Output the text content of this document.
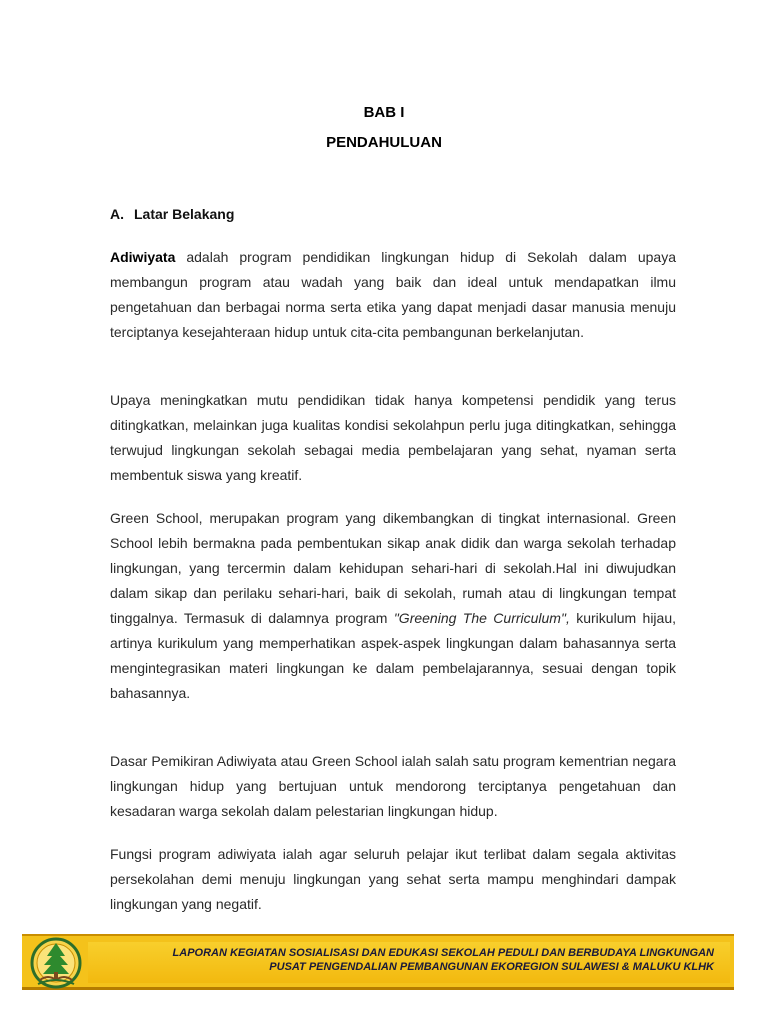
BAB I
PENDAHULUAN
A. Latar Belakang

Adiwiyata adalah program pendidikan lingkungan hidup di Sekolah dalam upaya membangun program atau wadah yang baik dan ideal untuk mendapatkan ilmu pengetahuan dan berbagai norma serta etika yang dapat menjadi dasar manusia menuju terciptanya kesejahteraan hidup untuk cita-cita pembangunan berkelanjutan.

Upaya meningkatkan mutu pendidikan tidak hanya kompetensi pendidik yang terus ditingkatkan, melainkan juga kualitas kondisi sekolahpun perlu juga ditingkatkan, sehingga terwujud lingkungan sekolah sebagai media pembelajaran yang sehat, nyaman serta membentuk siswa yang kreatif.

Green School, merupakan program yang dikembangkan di tingkat internasional. Green School lebih bermakna pada pembentukan sikap anak didik dan warga sekolah terhadap lingkungan, yang tercermin dalam kehidupan sehari-hari di sekolah.Hal ini diwujudkan dalam sikap dan perilaku sehari-hari, baik di sekolah, rumah atau di lingkungan tempat tinggalnya. Termasuk di dalamnya program "Greening The Curriculum", kurikulum hijau, artinya kurikulum yang memperhatikan aspek-aspek lingkungan dalam bahasannya serta mengintegrasikan materi lingkungan ke dalam pembelajarannya, sesuai dengan topik bahasannya.

Dasar Pemikiran Adiwiyata atau Green School ialah salah satu program kementrian negara lingkungan hidup yang bertujuan untuk mendorong terciptanya pengetahuan dan kesadaran warga sekolah dalam pelestarian lingkungan hidup.

Fungsi program adiwiyata ialah agar seluruh pelajar ikut terlibat dalam segala aktivitas persekolahan demi menuju lingkungan yang sehat serta mampu menghindari dampak lingkungan yang negatif.

LAPORAN KEGIATAN SOSIALISASI DAN EDUKASI SEKOLAH PEDULI DAN BERBUDAYA LINGKUNGAN
PUSAT PENGENDALIAN PEMBANGUNAN EKOREGION SULAWESI & MALUKU KLHK
